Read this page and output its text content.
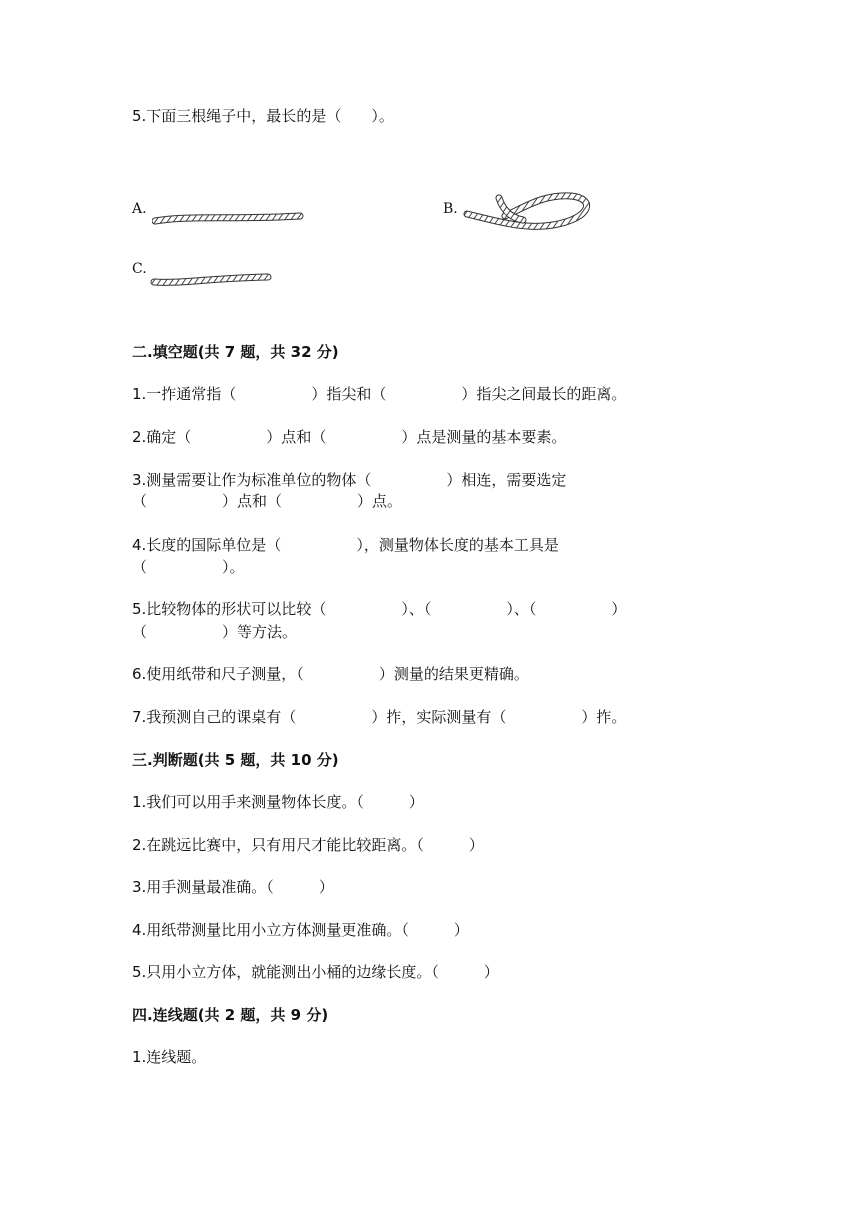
5.下面三根绳子中，最长的是（　　）。
A.	B.
C.
二.填空题(共 7 题，共 32 分)
1.一拃通常指（　　　　　）指尖和（　　　　　）指尖之间最长的距离。
2.确定（　　　　　）点和（　　　　　）点是测量的基本要素。
3.测量需要让作为标准单位的物体（　　　　　）相连，需要选定
（　　　　　）点和（　　　　　）点。
4.长度的国际单位是（　　　　　），测量物体长度的基本工具是
（　　　　　）。
5.比较物体的形状可以比较（　　　　　）、（　　　　　）、（　　　　　）
（　　　　　）等方法。
6.使用纸带和尺子测量，（　　　　　）测量的结果更精确。
7.我预测自己的课桌有（　　　　　）拃，实际测量有（　　　　　）拃。
三.判断题(共 5 题，共 10 分)
1.我们可以用手来测量物体长度。（　　　）
2.在跳远比赛中，只有用尺才能比较距离。（　　　）
3.用手测量最准确。（　　　）
4.用纸带测量比用小立方体测量更准确。（　　　）
5.只用小立方体，就能测出小桶的边缘长度。（　　　）
四.连线题(共 2 题，共 9 分)
1.连线题。
